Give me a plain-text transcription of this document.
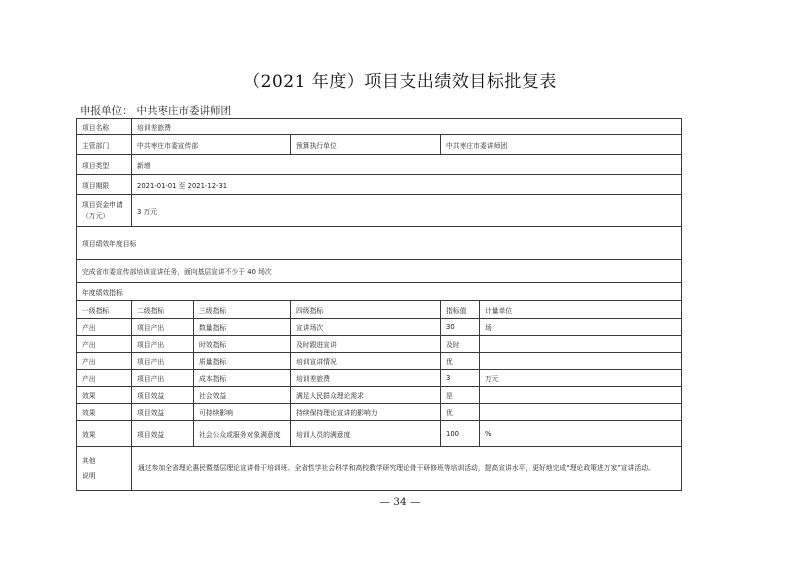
（2021 年度）项目支出绩效目标批复表
申报单位： 中共枣庄市委讲师团
项目名称	培训差旅费				
主管部门	中共枣庄市委宣传部		预算执行单位	中共枣庄市委讲师团	
项目类型	新增				
项目期限	2021-01-01 至 2021-12-31				
项目资金申请（万元）	3 万元				
项目绩效年度目标					
完成省市委宣传部培训宣讲任务，面向基层宣讲不少于 40 场次					
年度绩效指标					
一级指标	二级指标	三级指标	四级指标	指标值	计量单位
产出	项目产出	数量指标	宣讲场次	30	场
产出	项目产出	时效指标	及时跟进宣讲	及时	
产出	项目产出	质量指标	培训宣讲情况	优	
产出	项目产出	成本指标	培训差旅费	3	万元
效果	项目效益	社会效益	满足人民群众理论需求	是	
效果	项目效益	可持续影响	持续保持理论宣讲的影响力	优	
效果	项目效益	社会公众或服务对象满意度	培训人员的满意度	100	%
其他
说明	通过参加全省理论惠民暨基层理论宣讲骨干培训班、全省哲学社会科学和高校教学研究理论骨干研修班等培训活动，提高宣讲水平，更好地完成“理论政策进万家”宣讲活动。				
— 34 —
